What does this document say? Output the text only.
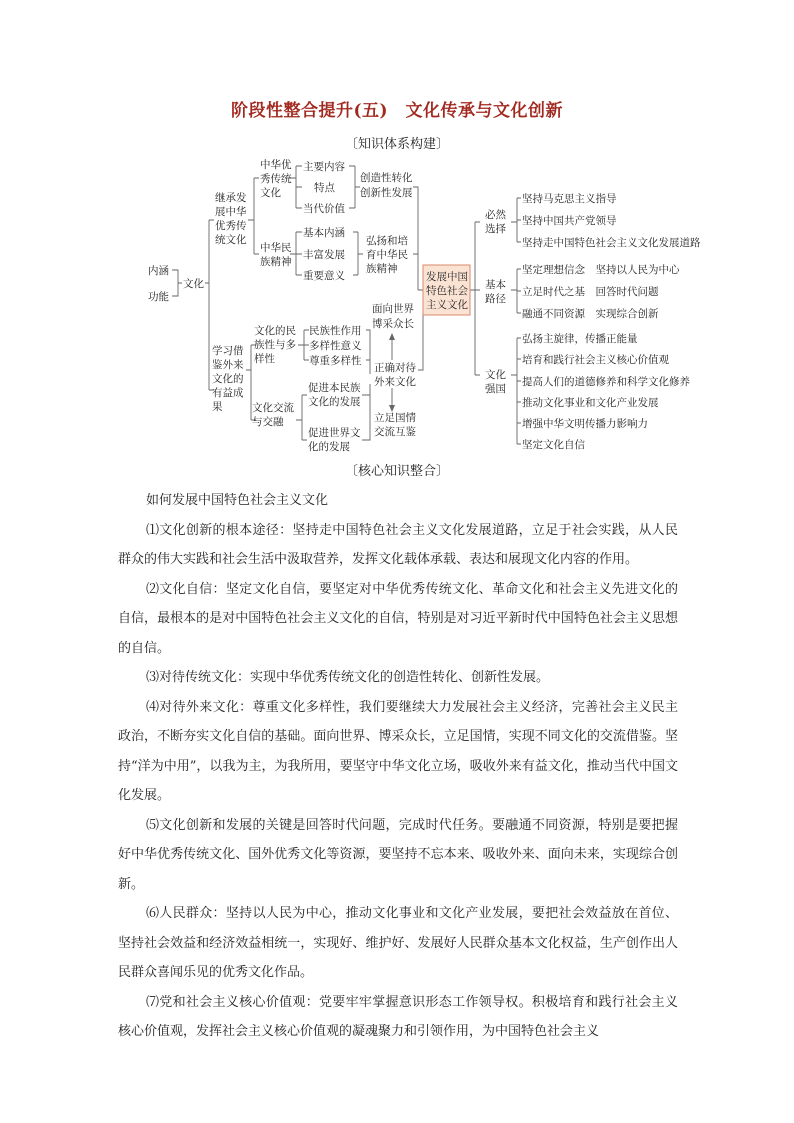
阶段性整合提升(五)　文化传承与文化创新
〔知识体系构建〕
内涵
功能
文化
继承发
展中华
优秀传
统文化
中华优
秀传统
文化
主要内容
特点
当代价值
创造性转化
创新性发展
中华民
族精神
基本内涵
丰富发展
重要意义
弘扬和培
育中华民
族精神
发展中国
特色社会
主义文化
学习借
鉴外来
文化的
有益成
果
文化的民
族性与多
样性
民族性作用
多样性意义
尊重多样性
文化交流
与交融
促进本民族
文化的发展
促进世界文
化的发展
面向世界
博采众长
正确对待
外来文化
立足国情
交流互鉴
必然
选择
坚持马克思主义指导
坚持中国共产党领导
坚持走中国特色社会主义文化发展道路
基本
路径
坚定理想信念　坚持以人民为中心
立足时代之基　回答时代问题
融通不同资源　实现综合创新
文化
强国
弘扬主旋律，传播正能量
培育和践行社会主义核心价值观
提高人们的道德修养和科学文化修养
推动文化事业和文化产业发展
增强中华文明传播力影响力
坚定文化自信
〔核心知识整合〕

如何发展中国特色社会主义文化

⑴文化创新的根本途径：坚持走中国特色社会主义文化发展道路，立足于社会实践，从人民群众的伟大实践和社会生活中汲取营养，发挥文化载体承载、表达和展现文化内容的作用。

⑵文化自信：坚定文化自信，要坚定对中华优秀传统文化、革命文化和社会主义先进文化的自信，最根本的是对中国特色社会主义文化的自信，特别是对习近平新时代中国特色社会主义思想的自信。

⑶对待传统文化：实现中华优秀传统文化的创造性转化、创新性发展。

⑷对待外来文化：尊重文化多样性，我们要继续大力发展社会主义经济，完善社会主义民主政治，不断夯实文化自信的基础。面向世界、博采众长，立足国情，实现不同文化的交流借鉴。坚持“洋为中用”，以我为主，为我所用，要坚守中华文化立场，吸收外来有益文化，推动当代中国文化发展。

⑸文化创新和发展的关键是回答时代问题，完成时代任务。要融通不同资源，特别是要把握好中华优秀传统文化、国外优秀文化等资源，要坚持不忘本来、吸收外来、面向未来，实现综合创新。

⑹人民群众：坚持以人民为中心，推动文化事业和文化产业发展，要把社会效益放在首位、坚持社会效益和经济效益相统一，实现好、维护好、发展好人民群众基本文化权益，生产创作出人民群众喜闻乐见的优秀文化作品。

⑺党和社会主义核心价值观：党要牢牢掌握意识形态工作领导权。积极培育和践行社会主义核心价值观，发挥社会主义核心价值观的凝魂聚力和引领作用，为中国特色社会主义
